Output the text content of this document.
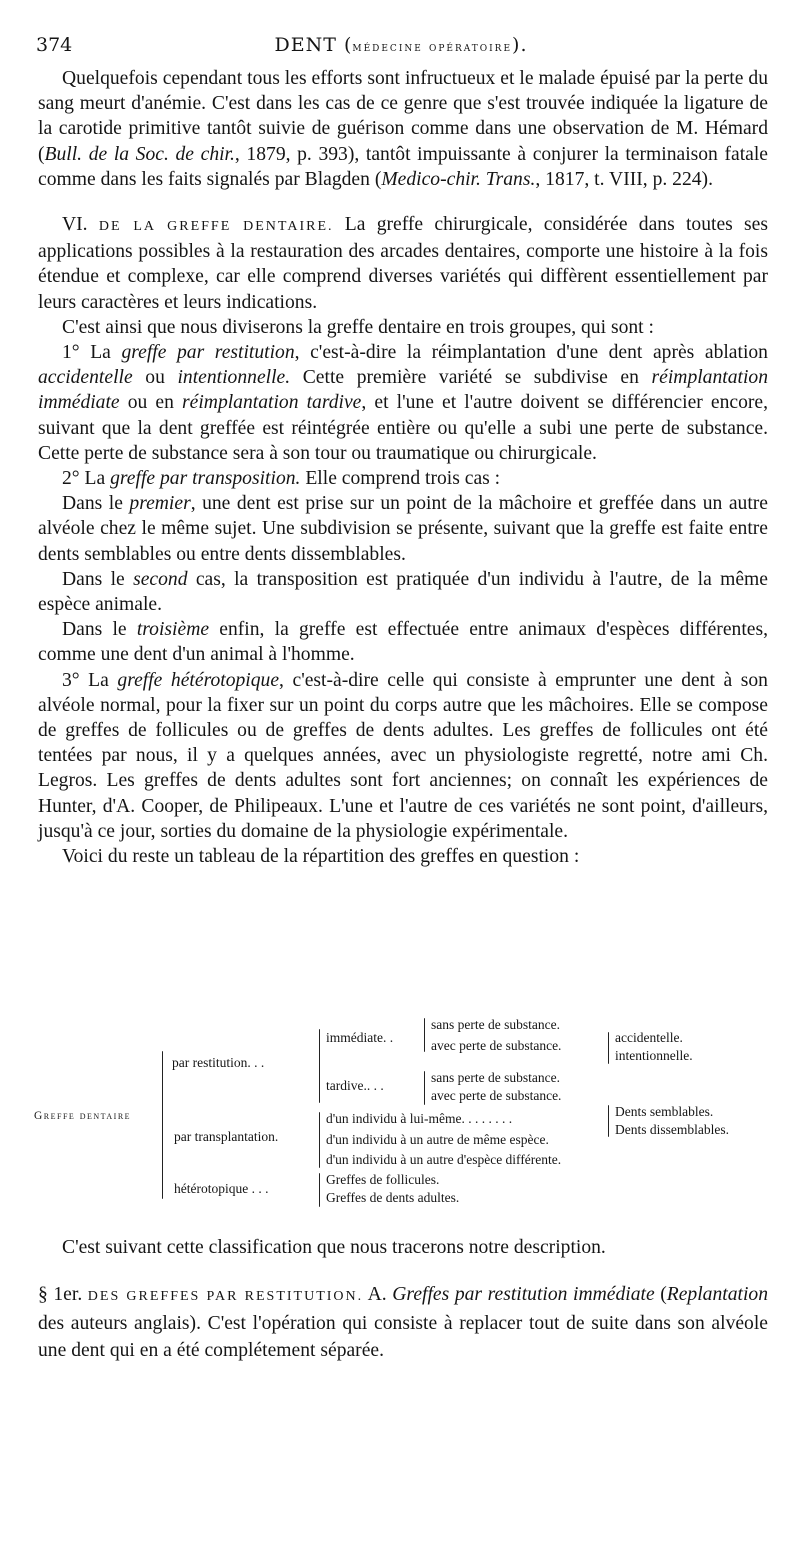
374	DENT (médecine opératoire).

Quelquefois cependant tous les efforts sont infructueux et le malade épuisé par la perte du sang meurt d'anémie. C'est dans les cas de ce genre que s'est trouvée indiquée la ligature de la carotide primitive tantôt suivie de guérison comme dans une observation de M. Hémard (Bull. de la Soc. de chir., 1879, p. 393), tantôt impuissante à conjurer la terminaison fatale comme dans les faits signalés par Blagden (Medico-chir. Trans., 1817, t. VIII, p. 224).

VI. DE LA GREFFE DENTAIRE. La greffe chirurgicale, considérée dans toutes ses applications possibles à la restauration des arcades dentaires, comporte une histoire à la fois étendue et complexe, car elle comprend diverses variétés qui diffèrent essentiellement par leurs caractères et leurs indications.

C'est ainsi que nous diviserons la greffe dentaire en trois groupes, qui sont :

1° La greffe par restitution, c'est-à-dire la réimplantation d'une dent après ablation accidentelle ou intentionnelle. Cette première variété se subdivise en réimplantation immédiate ou en réimplantation tardive, et l'une et l'autre doivent se différencier encore, suivant que la dent greffée est réintégrée entière ou qu'elle a subi une perte de substance. Cette perte de substance sera à son tour ou traumatique ou chirurgicale.

2° La greffe par transposition. Elle comprend trois cas :

Dans le premier, une dent est prise sur un point de la mâchoire et greffée dans un autre alvéole chez le même sujet. Une subdivision se présente, suivant que la greffe est faite entre dents semblables ou entre dents dissemblables.

Dans le second cas, la transposition est pratiquée d'un individu à l'autre, de la même espèce animale.

Dans le troisième enfin, la greffe est effectuée entre animaux d'espèces différentes, comme une dent d'un animal à l'homme.

3° La greffe hétérotopique, c'est-à-dire celle qui consiste à emprunter une dent à son alvéole normal, pour la fixer sur un point du corps autre que les mâchoires. Elle se compose de greffes de follicules ou de greffes de dents adultes. Les greffes de follicules ont été tentées par nous, il y a quelques années, avec un physiologiste regretté, notre ami Ch. Legros. Les greffes de dents adultes sont fort anciennes; on connaît les expériences de Hunter, d'A. Cooper, de Philipeaux. L'une et l'autre de ces variétés ne sont point, d'ailleurs, jusqu'à ce jour, sorties du domaine de la physiologie expérimentale.

Voici du reste un tableau de la répartition des greffes en question :

Greffe dentaire
par restitution. . .
immédiate. .
sans perte de substance.
avec perte de substance.
accidentelle.
intentionnelle.
tardive.. . .
sans perte de substance.
avec perte de substance.
par transplantation.
d'un individu à lui-même. . . . . . . .	Dents semblables.
Dents dissemblables.
d'un individu à un autre de même espèce.
d'un individu à un autre d'espèce différente.
hétérotopique . . .
Greffes de follicules.
Greffes de dents adultes.

C'est suivant cette classification que nous tracerons notre description.

§ 1er. DES GREFFES PAR RESTITUTION. A. Greffes par restitution immédiate (Replantation des auteurs anglais). C'est l'opération qui consiste à replacer tout de suite dans son alvéole une dent qui en a été complétement séparée.
